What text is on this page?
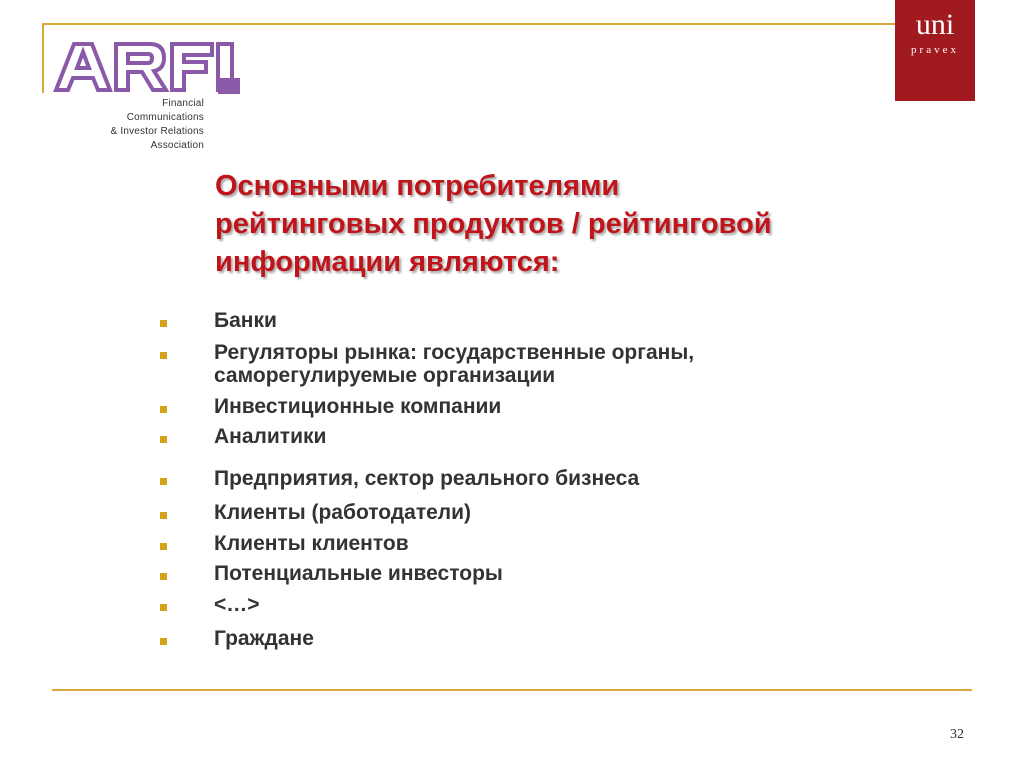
Financial
Communications
& Investor Relations
Association
uni
pravex
Основными потребителями
рейтинговых продуктов / рейтинговой
информации являются:
Банки
Регуляторы рынка: государственные органы,
саморегулируемые организации
Инвестиционные компании
Аналитики
Предприятия, сектор реального бизнеса
Клиенты (работодатели)
Клиенты клиентов
Потенциальные инвесторы
<…>
Граждане
32
